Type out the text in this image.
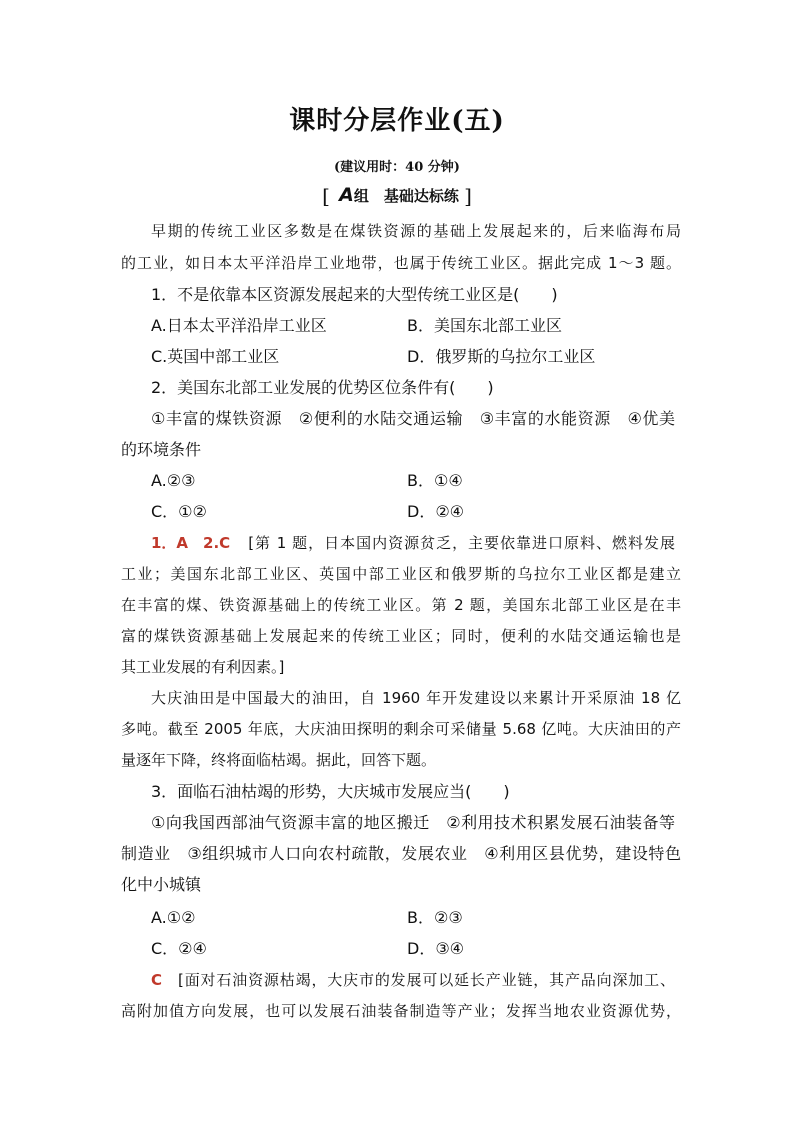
课时分层作业(五)
(建议用时：40 分钟)
[ A组　基础达标练 ]
早期的传统工业区多数是在煤铁资源的基础上发展起来的，后来临海布局
的工业，如日本太平洋沿岸工业地带，也属于传统工业区。据此完成 1～3 题。
1．不是依靠本区资源发展起来的大型传统工业区是(　　)
A.日本太平洋沿岸工业区	B．美国东北部工业区
C.英国中部工业区	D．俄罗斯的乌拉尔工业区
2．美国东北部工业发展的优势区位条件有(　　)
①丰富的煤铁资源　②便利的水陆交通运输　③丰富的水能资源　④优美
的环境条件
A.②③	B．①④
C．①②	D．②④
1．A　2.C [第 1 题，日本国内资源贫乏，主要依靠进口原料、燃料发展
工业；美国东北部工业区、英国中部工业区和俄罗斯的乌拉尔工业区都是建立
在丰富的煤、铁资源基础上的传统工业区。第 2 题，美国东北部工业区是在丰
富的煤铁资源基础上发展起来的传统工业区；同时，便利的水陆交通运输也是
其工业发展的有利因素。]
大庆油田是中国最大的油田，自 1960 年开发建设以来累计开采原油 18 亿
多吨。截至 2005 年底，大庆油田探明的剩余可采储量 5.68 亿吨。大庆油田的产
量逐年下降，终将面临枯竭。据此，回答下题。
3．面临石油枯竭的形势，大庆城市发展应当(　　)
①向我国西部油气资源丰富的地区搬迁　②利用技术积累发展石油装备等
制造业　③组织城市人口向农村疏散，发展农业　④利用区县优势，建设特色
化中小城镇
A.①②	B．②③
C．②④	D．③④
C [面对石油资源枯竭，大庆市的发展可以延长产业链，其产品向深加工、
高附加值方向发展，也可以发展石油装备制造等产业；发挥当地农业资源优势，
